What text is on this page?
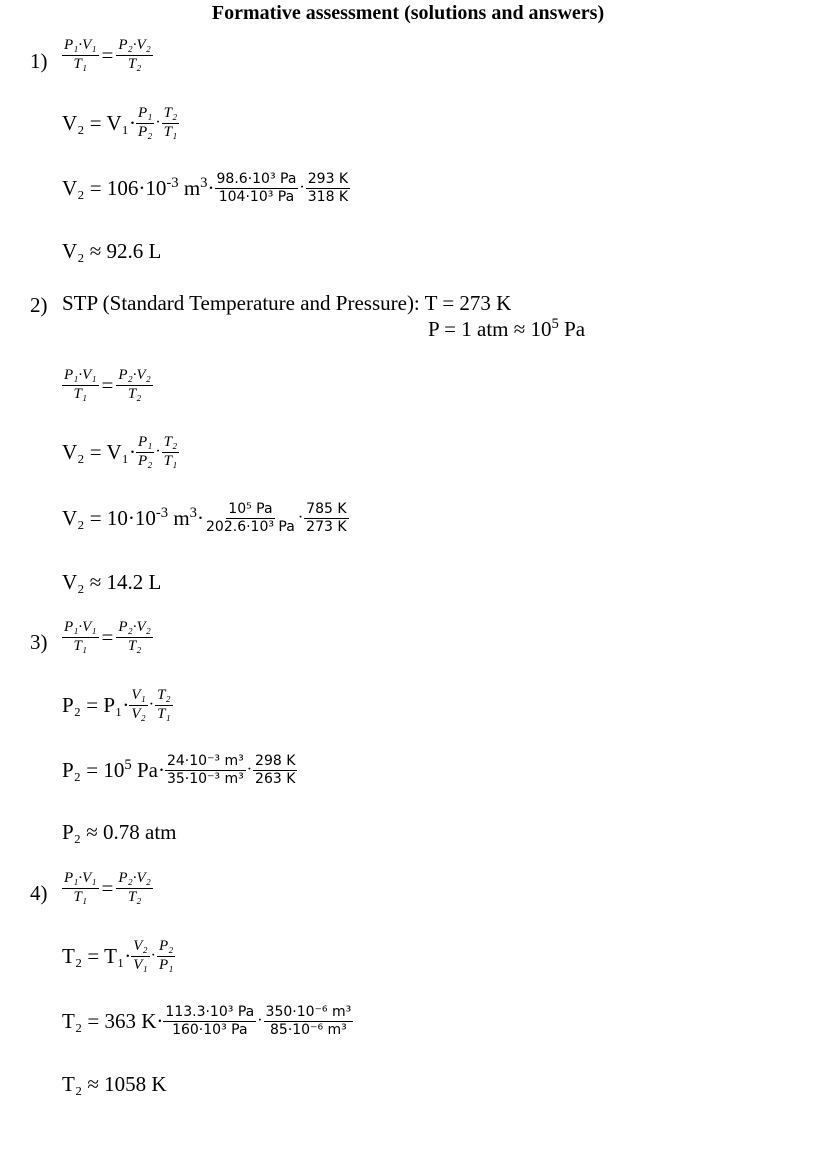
Formative assessment (solutions and answers)
$1) \frac{\text{P₁·V₁}}{\text{T₁}} = \frac{\text{P₂·V₂}}{\text{T₂}}$
$V_2 = V_1\cdot \frac{\text{P₁}}{\text{P₂}} \cdot \frac{\text{T₂}}{\text{T₁}}$
$V_2 = 106\cdot 10^{-3}$ $m^3\cdot \frac{\text{98.6·10³ Pa}}{\text{104·10³ Pa}} \cdot \frac{293 K}{318 K}$
V₂ ≈ 92.6 L
2) STP (Standard Temperature and Pressure): T = 273 K
P = 1 atm ≈ $10^5$ Pa
$\frac{\text{P₁·V₁}}{\text{T₁}} = \frac{\text{P₂·V₂}}{\text{T₂}}$
$V_2 = V_1\cdot \frac{\text{P₁}}{\text{P₂}} \cdot \frac{\text{T₂}}{\text{T₁}}$
$V_2 = 10\cdot 10^{-3}$ $m^3\cdot \frac{\text{10⁵ Pa}}{\text{202.6·10³ Pa}} \cdot \frac{785 K}{273 K}$
V₂ ≈ 14.2 L
$3) \frac{\text{P₁·V₁}}{\text{T₁}} = \frac{\text{P₂·V₂}}{\text{T₂}}$
$P_2 = P_1\cdot \frac{\text{V₁}}{\text{V₂}} \cdot \frac{\text{T₂}}{\text{T₁}}$
$P_2 = 10^5$ $Pa\cdot \frac{\text{24·10⁻³ m³}}{\text{35·10⁻³ m³}} \cdot \frac{298 K}{263 K}$
P₂ ≈ 0.78 atm
$4) \frac{\text{P₁·V₁}}{\text{T₁}} = \frac{\text{P₂·V₂}}{\text{T₂}}$
$T_2 = T_1\cdot \frac{\text{V₂}}{\text{V₁}} \cdot \frac{\text{P₂}}{\text{P₁}}$
T₂ = 363 $K\cdot \frac{\text{113.3·10³ Pa}}{\text{160·10³ Pa}} \cdot \frac{\text{350·10⁻⁶ m³}}{\text{85·10⁻⁶ m³}}$
T₂ ≈ 1058 K
